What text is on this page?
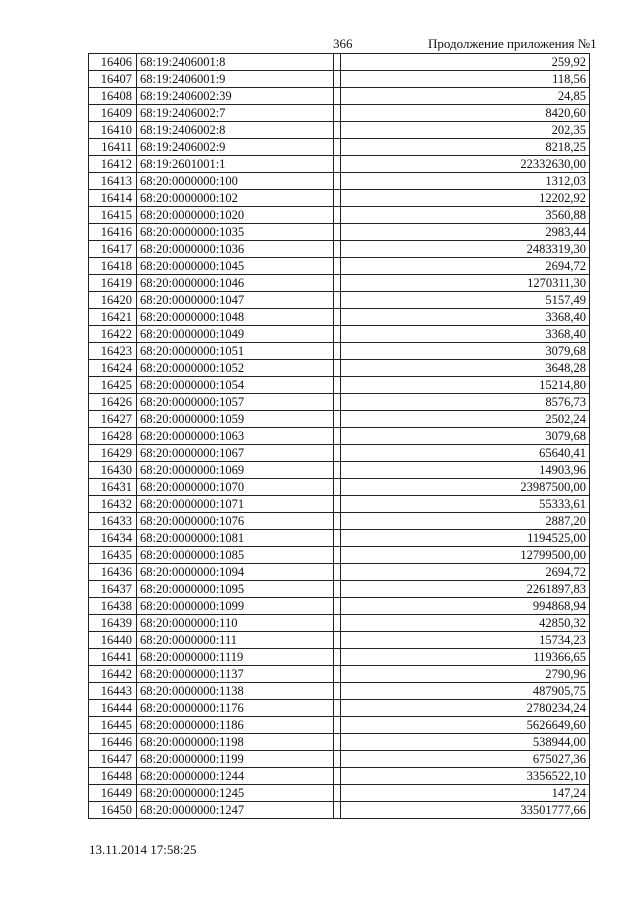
366	Продолжение приложения №1
16406	68:19:2406001:8		259,92
16407	68:19:2406001:9		118,56
16408	68:19:2406002:39		24,85
16409	68:19:2406002:7		8420,60
16410	68:19:2406002:8		202,35
16411	68:19:2406002:9		8218,25
16412	68:19:2601001:1		22332630,00
16413	68:20:0000000:100		1312,03
16414	68:20:0000000:102		12202,92
16415	68:20:0000000:1020		3560,88
16416	68:20:0000000:1035		2983,44
16417	68:20:0000000:1036		2483319,30
16418	68:20:0000000:1045		2694,72
16419	68:20:0000000:1046		1270311,30
16420	68:20:0000000:1047		5157,49
16421	68:20:0000000:1048		3368,40
16422	68:20:0000000:1049		3368,40
16423	68:20:0000000:1051		3079,68
16424	68:20:0000000:1052		3648,28
16425	68:20:0000000:1054		15214,80
16426	68:20:0000000:1057		8576,73
16427	68:20:0000000:1059		2502,24
16428	68:20:0000000:1063		3079,68
16429	68:20:0000000:1067		65640,41
16430	68:20:0000000:1069		14903,96
16431	68:20:0000000:1070		23987500,00
16432	68:20:0000000:1071		55333,61
16433	68:20:0000000:1076		2887,20
16434	68:20:0000000:1081		1194525,00
16435	68:20:0000000:1085		12799500,00
16436	68:20:0000000:1094		2694,72
16437	68:20:0000000:1095		2261897,83
16438	68:20:0000000:1099		994868,94
16439	68:20:0000000:110		42850,32
16440	68:20:0000000:111		15734,23
16441	68:20:0000000:1119		119366,65
16442	68:20:0000000:1137		2790,96
16443	68:20:0000000:1138		487905,75
16444	68:20:0000000:1176		2780234,24
16445	68:20:0000000:1186		5626649,60
16446	68:20:0000000:1198		538944,00
16447	68:20:0000000:1199		675027,36
16448	68:20:0000000:1244		3356522,10
16449	68:20:0000000:1245		147,24
16450	68:20:0000000:1247		33501777,66
13.11.2014 17:58:25
